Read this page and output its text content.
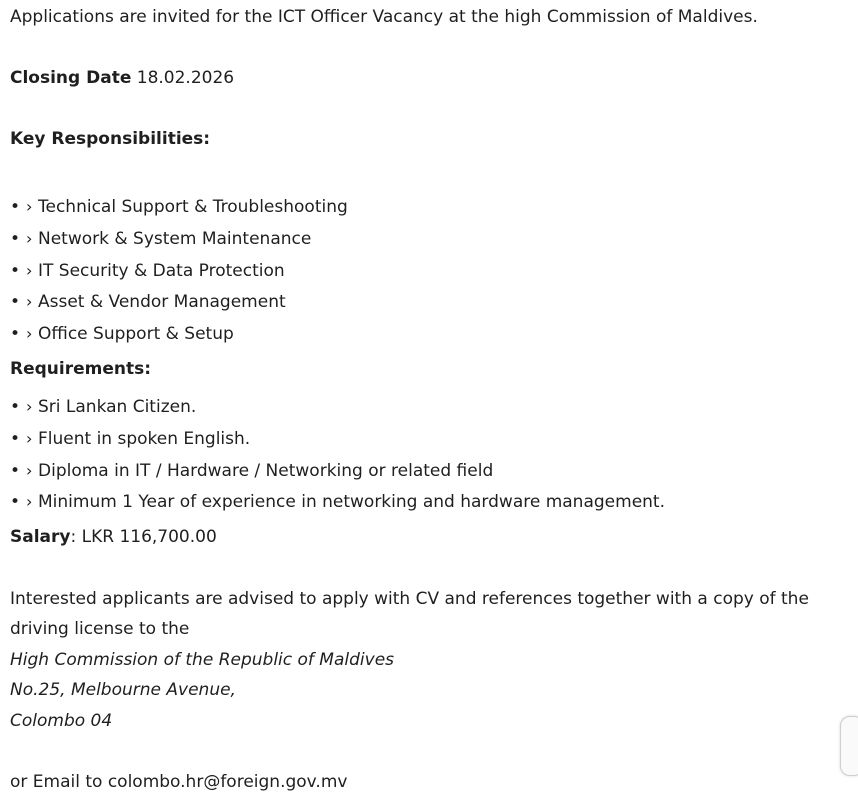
Applications are invited for the ICT Officer Vacancy at the high Commission of Maldives.
Closing Date 18.02.2026
Key Responsibilities:
• › Technical Support & Troubleshooting
• › Network & System Maintenance
• › IT Security & Data Protection
• › Asset & Vendor Management
• › Office Support & Setup
Requirements:
• › Sri Lankan Citizen.
• › Fluent in spoken English.
• › Diploma in IT / Hardware / Networking or related field
• › Minimum 1 Year of experience in networking and hardware management.
Salary: LKR 116,700.00
Interested applicants are advised to apply with CV and references together with a copy of the
driving license to the
High Commission of the Republic of Maldives
No.25, Melbourne Avenue,
Colombo 04
or Email to colombo.hr@foreign.gov.mv
